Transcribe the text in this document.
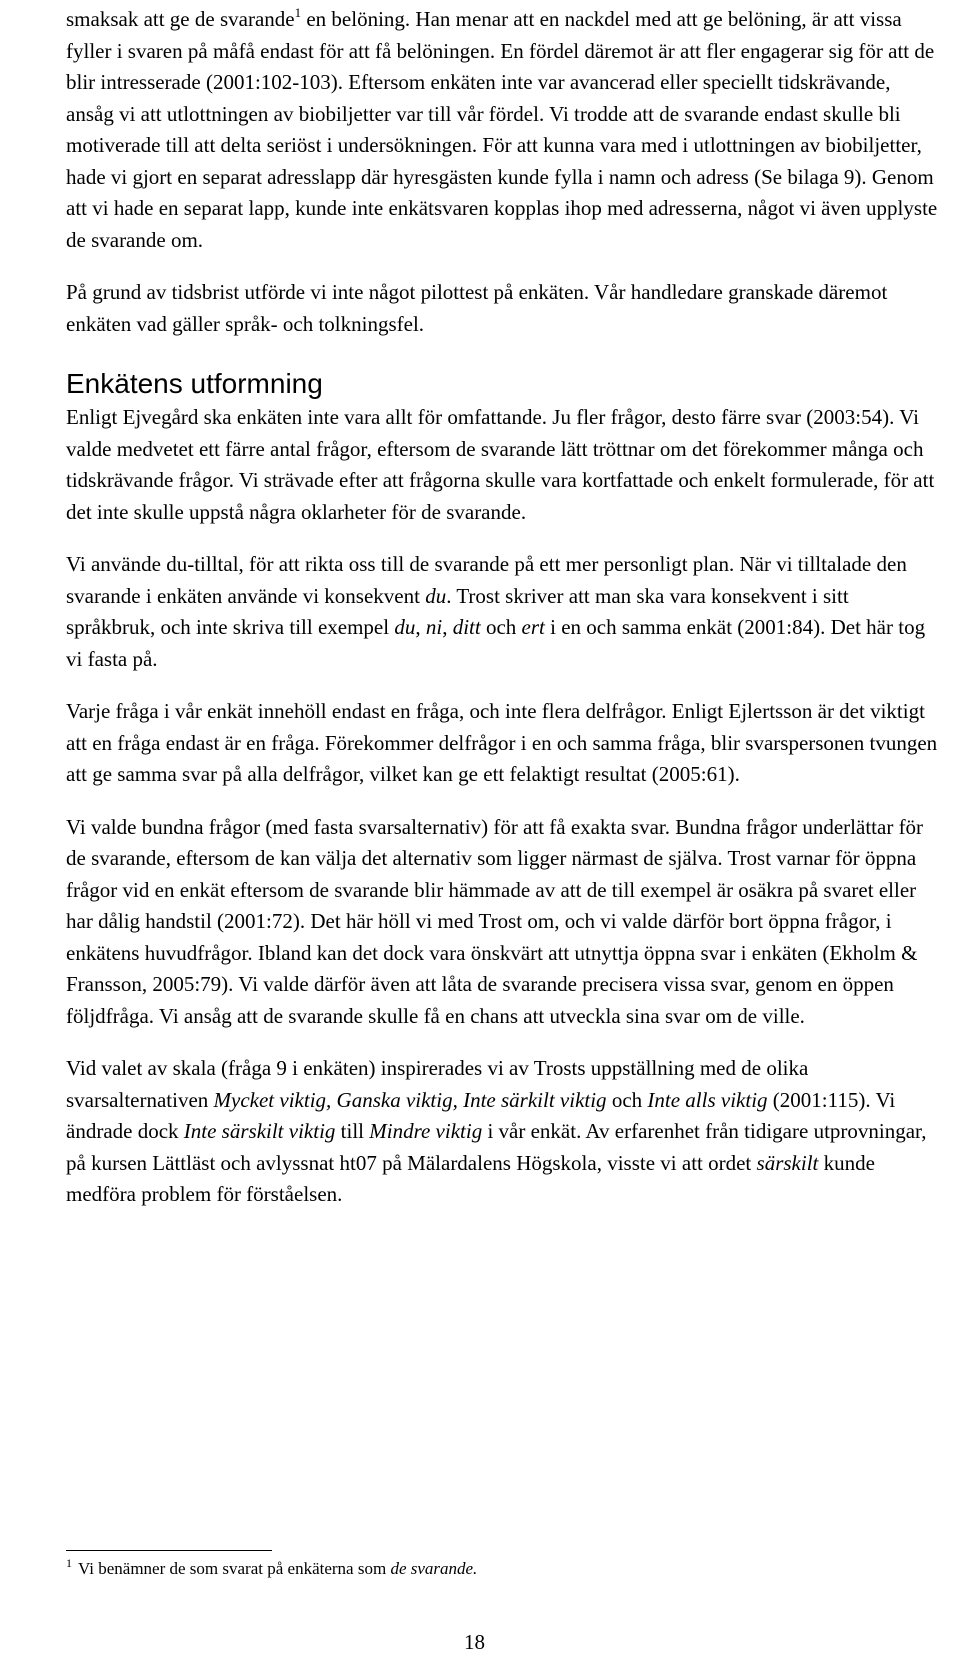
smaksak att ge de svarande$^1$ en belöning. Han menar att en nackdel med att ge belöning, är att vissa fyller i svaren på måfå endast för att få belöningen. En fördel däremot är att fler engagerar sig för att de blir intresserade (2001:102-103). Eftersom enkäten inte var avancerad eller speciellt tidskrävande, ansåg vi att utlottningen av biobiljetter var till vår fördel. Vi trodde att de svarande endast skulle bli motiverade till att delta seriöst i undersökningen. För att kunna vara med i utlottningen av biobiljetter, hade vi gjort en separat adresslapp där hyresgästen kunde fylla i namn och adress (Se bilaga 9). Genom att vi hade en separat lapp, kunde inte enkätsvaren kopplas ihop med adresserna, något vi även upplyste de svarande om.

På grund av tidsbrist utförde vi inte något pilottest på enkäten. Vår handledare granskade däremot enkäten vad gäller språk- och tolkningsfel.

Enkätens utformning

Enligt Ejvegård ska enkäten inte vara allt för omfattande. Ju fler frågor, desto färre svar (2003:54). Vi valde medvetet ett färre antal frågor, eftersom de svarande lätt tröttnar om det förekommer många och tidskrävande frågor. Vi strävade efter att frågorna skulle vara kortfattade och enkelt formulerade, för att det inte skulle uppstå några oklarheter för de svarande.

Vi använde du-tilltal, för att rikta oss till de svarande på ett mer personligt plan. När vi tilltalade den svarande i enkäten använde vi konsekvent du. Trost skriver att man ska vara konsekvent i sitt språkbruk, och inte skriva till exempel du, ni, ditt och ert i en och samma enkät (2001:84). Det här tog vi fasta på.

Varje fråga i vår enkät innehöll endast en fråga, och inte flera delfrågor. Enligt Ejlertsson är det viktigt att en fråga endast är en fråga. Förekommer delfrågor i en och samma fråga, blir svarspersonen tvungen att ge samma svar på alla delfrågor, vilket kan ge ett felaktigt resultat (2005:61).

Vi valde bundna frågor (med fasta svarsalternativ) för att få exakta svar. Bundna frågor underlättar för de svarande, eftersom de kan välja det alternativ som ligger närmast de själva. Trost varnar för öppna frågor vid en enkät eftersom de svarande blir hämmade av att de till exempel är osäkra på svaret eller har dålig handstil (2001:72). Det här höll vi med Trost om, och vi valde därför bort öppna frågor, i enkätens huvudfrågor. Ibland kan det dock vara önskvärt att utnyttja öppna svar i enkäten (Ekholm & Fransson, 2005:79). Vi valde därför även att låta de svarande precisera vissa svar, genom en öppen följdfråga. Vi ansåg att de svarande skulle få en chans att utveckla sina svar om de ville.

Vid valet av skala (fråga 9 i enkäten) inspirerades vi av Trosts uppställning med de olika svarsalternativen Mycket viktig, Ganska viktig, Inte särkilt viktig och Inte alls viktig (2001:115). Vi ändrade dock Inte särskilt viktig till Mindre viktig i vår enkät. Av erfarenhet från tidigare utprovningar, på kursen Lättläst och avlyssnat ht07 på Mälardalens Högskola, visste vi att ordet särskilt kunde medföra problem för förståelsen.

$^1$ Vi benämner de som svarat på enkäterna som de svarande.
18
